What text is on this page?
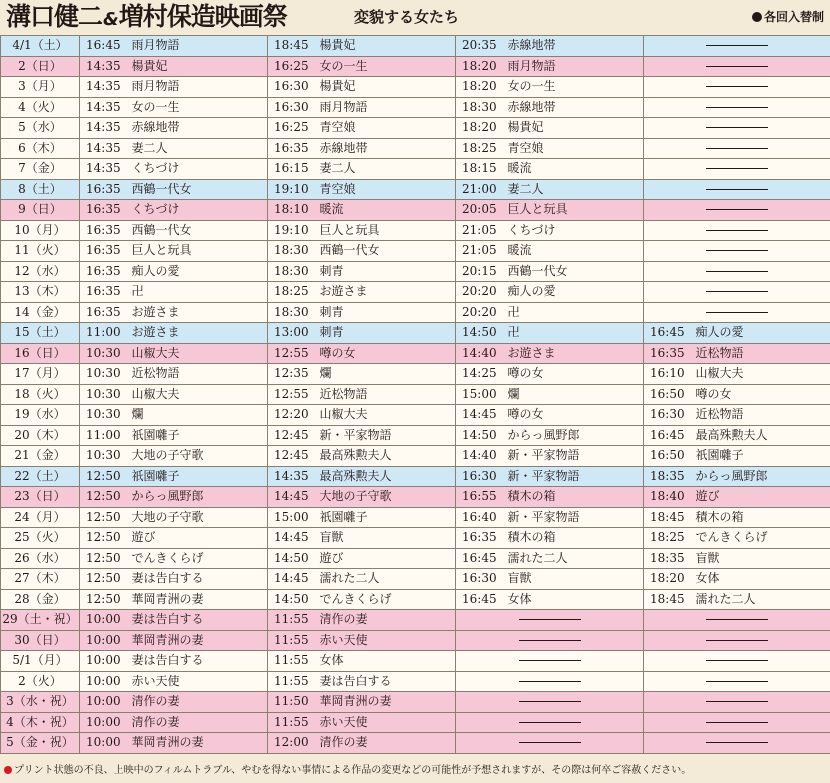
溝口健二&増村保造映画祭	変貌する女たち	各回入替制
4/1（土）	16:45	雨月物語	18:45	楊貴妃	20:35	赤線地帯		
2（日）	14:35	楊貴妃	16:25	女の一生	18:20	雨月物語		
3（月）	14:35	雨月物語	16:30	楊貴妃	18:20	女の一生		
4（火）	14:35	女の一生	16:30	雨月物語	18:30	赤線地帯		
5（水）	14:35	赤線地帯	16:25	青空娘	18:20	楊貴妃		
6（木）	14:35	妻二人	16:35	赤線地帯	18:25	青空娘		
7（金）	14:35	くちづけ	16:15	妻二人	18:15	暖流		
8（土）	16:35	西鶴一代女	19:10	青空娘	21:00	妻二人		
9（日）	16:35	くちづけ	18:10	暖流	20:05	巨人と玩具		
10（月）	16:35	西鶴一代女	19:10	巨人と玩具	21:05	くちづけ		
11（火）	16:35	巨人と玩具	18:30	西鶴一代女	21:05	暖流		
12（水）	16:35	痴人の愛	18:30	刺青	20:15	西鶴一代女		
13（木）	16:35	卍	18:25	お遊さま	20:20	痴人の愛		
14（金）	16:35	お遊さま	18:30	刺青	20:20	卍		
15（土）	11:00	お遊さま	13:00	刺青	14:50	卍	16:45	痴人の愛
16（日）	10:30	山椒大夫	12:55	噂の女	14:40	お遊さま	16:35	近松物語
17（月）	10:30	近松物語	12:35	爛	14:25	噂の女	16:10	山椒大夫
18（火）	10:30	山椒大夫	12:55	近松物語	15:00	爛	16:50	噂の女
19（水）	10:30	爛	12:20	山椒大夫	14:45	噂の女	16:30	近松物語
20（木）	11:00	祇園囃子	12:45	新・平家物語	14:50	からっ風野郎	16:45	最高殊勲夫人
21（金）	10:30	大地の子守歌	12:45	最高殊勲夫人	14:40	新・平家物語	16:50	祇園囃子
22（土）	12:50	祇園囃子	14:35	最高殊勲夫人	16:30	新・平家物語	18:35	からっ風野郎
23（日）	12:50	からっ風野郎	14:45	大地の子守歌	16:55	積木の箱	18:40	遊び
24（月）	12:50	大地の子守歌	15:00	祇園囃子	16:40	新・平家物語	18:45	積木の箱
25（火）	12:50	遊び	14:45	盲獣	16:35	積木の箱	18:25	でんきくらげ
26（水）	12:50	でんきくらげ	14:50	遊び	16:45	濡れた二人	18:35	盲獣
27（木）	12:50	妻は告白する	14:45	濡れた二人	16:30	盲獣	18:20	女体
28（金）	12:50	華岡青洲の妻	14:50	でんきくらげ	16:45	女体	18:45	濡れた二人
29（土・祝）	10:00	妻は告白する	11:55	清作の妻				
30（日）	10:00	華岡青洲の妻	11:55	赤い天使				
5/1（月）	10:00	妻は告白する	11:55	女体				
2（火）	10:00	赤い天使	11:55	妻は告白する				
3（水・祝）	10:00	清作の妻	11:50	華岡青洲の妻				
4（木・祝）	10:00	清作の妻	11:55	赤い天使				
5（金・祝）	10:00	華岡青洲の妻	12:00	清作の妻				
プリント状態の不良、上映中のフィルムトラブル、やむを得ない事情による作品の変更などの可能性が予想されますが、その際は何卒ご容赦ください。
